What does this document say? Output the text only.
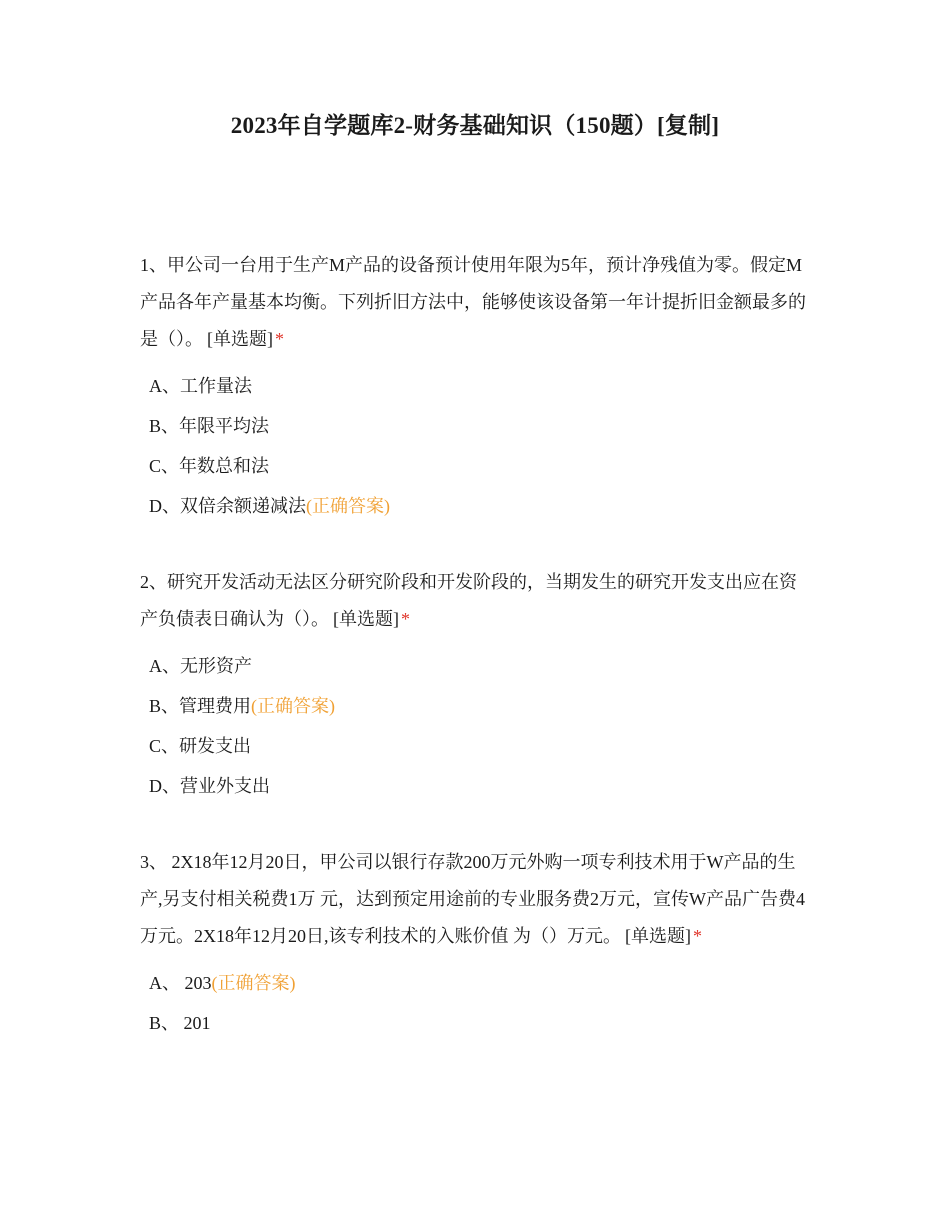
2023年自学题库2-财务基础知识（150题）[复制]

1、甲公司一台用于生产M产品的设备预计使用年限为5年，预计净残值为零。假定M产品各年产量基本均衡。下列折旧方法中，能够使该设备第一年计提折旧金额最多的是（）。 [单选题] *

A、工作量法
B、年限平均法
C、年数总和法
D、双倍余额递减法(正确答案)

2、研究开发活动无法区分研究阶段和开发阶段的，当期发生的研究开发支出应在资产负债表日确认为（）。 [单选题] *

A、无形资产
B、管理费用(正确答案)
C、研发支出
D、营业外支出

3、 2X18年12月20日，甲公司以银行存款200万元外购一项专利技术用于W产品的生产,另支付相关税费1万 元，达到预定用途前的专业服务费2万元，宣传W产品广告费4万元。2X18年12月20日,该专利技术的入账价值 为（）万元。 [单选题] *

A、 203(正确答案)
B、 201
